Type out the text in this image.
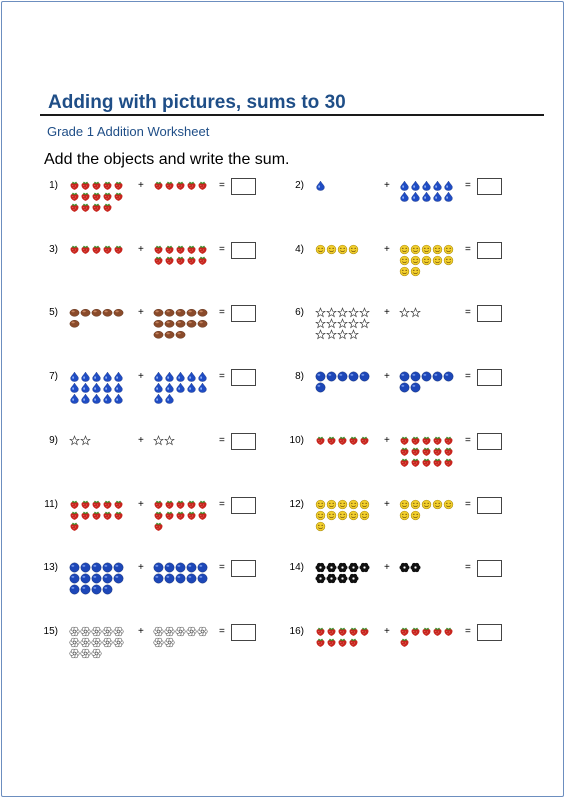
Adding with pictures, sums to 30
Grade 1 Addition Worksheet
Add the objects and write the sum.
1)	+	=	2)	+	=
3)	+	=	4)	+	=
5)	+	=	6)	+	=
7)	+	=	8)	+	=
9)	+	=	10)	+	=
11)	+	=	12)	+	=
13)	+	=	14)	+	=
15)	+	=	16)	+	=
